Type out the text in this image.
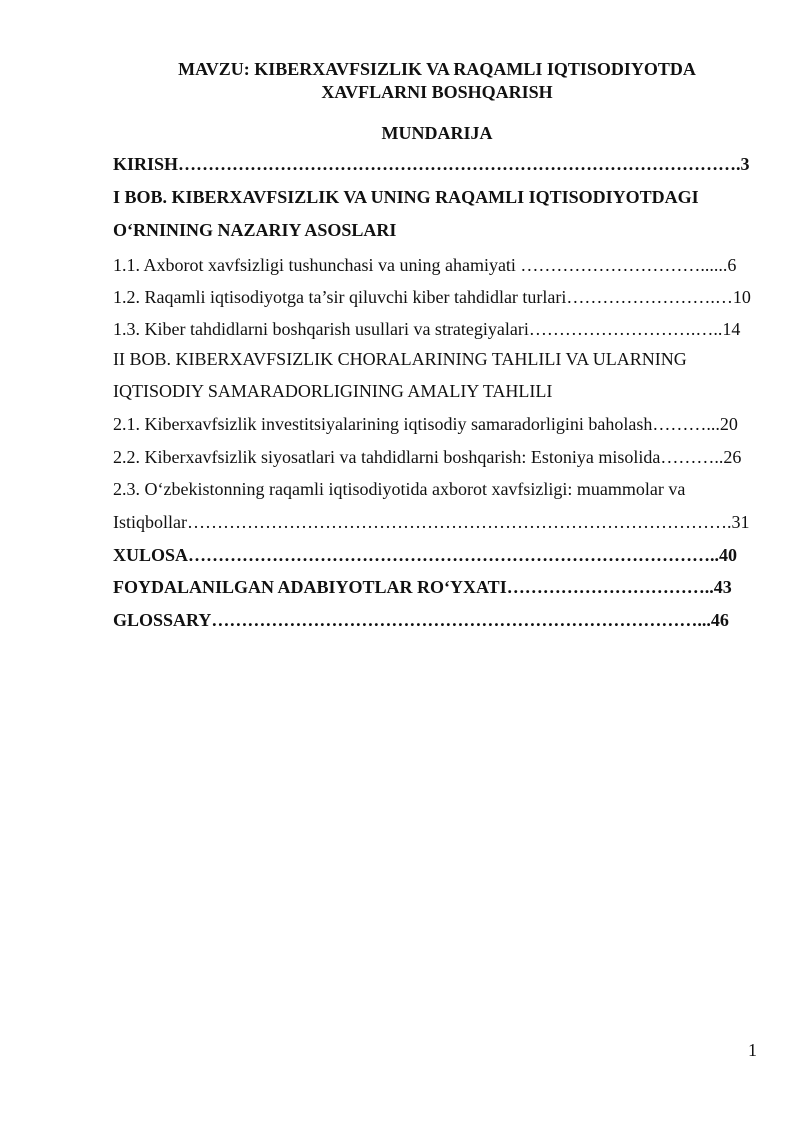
MAVZU: KIBERXAVFSIZLIK VA RAQAMLI IQTISODIYOTDA
XAVFLARNI BOSHQARISH
MUNDARIJA
KIRISH………………………………………………………………………………….3
I BOB. KIBERXAVFSIZLIK VA UNING RAQAMLI IQTISODIYOTDAGI
O‘RNINING NAZARIY ASOSLARI
1.1. Axborot xavfsizligi tushunchasi va uning ahamiyati …………………………......6
1.2. Raqamli iqtisodiyotga ta’sir qiluvchi kiber tahdidlar turlari…………………….…10
1.3. Kiber tahdidlarni boshqarish usullari va strategiyalari……………………….…..14
II BOB. KIBERXAVFSIZLIK CHORALARINING TAHLILI VA ULARNING
IQTISODIY SAMARADORLIGINING AMALIY TAHLILI
2.1. Kiberxavfsizlik investitsiyalarining iqtisodiy samaradorligini baholash………...20
2.2. Kiberxavfsizlik siyosatlari va tahdidlarni boshqarish: Estoniya misolida………..26
2.3. O‘zbekistonning raqamli iqtisodiyotida axborot xavfsizligi: muammolar va
Istiqbollar……………………………………………………………………………….31
XULOSA……………………………………………………………………………..40
FOYDALANILGAN ADABIYOTLAR RO‘YXATI……………………………..43
GLOSSARY………………………………………………………………………...46
1
